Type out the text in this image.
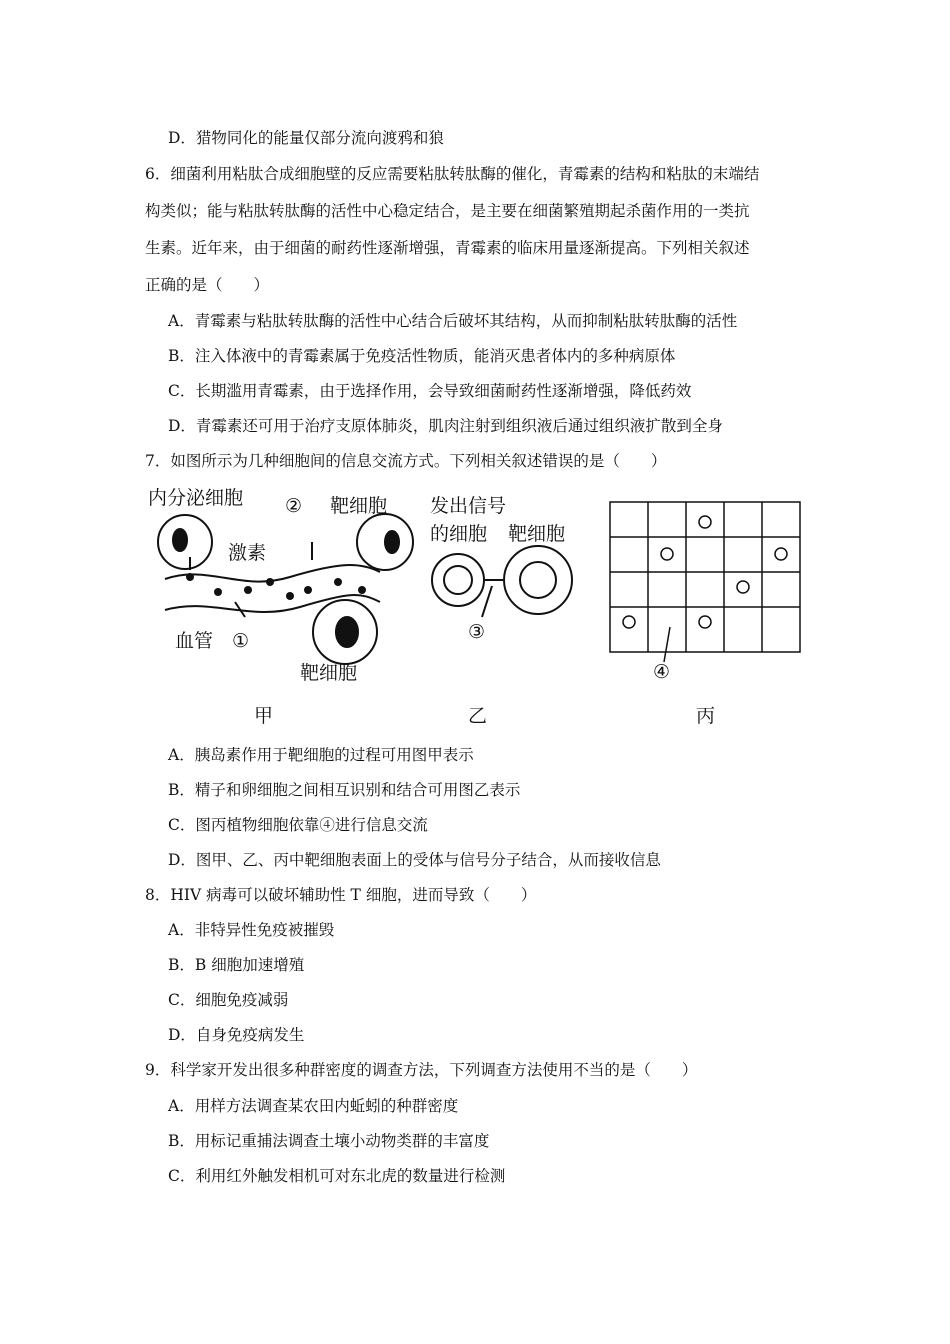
D．猎物同化的能量仅部分流向渡鸦和狼
6．细菌利用粘肽合成细胞壁的反应需要粘肽转肽酶的催化，青霉素的结构和粘肽的末端结
构类似；能与粘肽转肽酶的活性中心稳定结合，是主要在细菌繁殖期起杀菌作用的一类抗
生素。近年来，由于细菌的耐药性逐渐增强，青霉素的临床用量逐渐提高。下列相关叙述
正确的是（　　）
A．青霉素与粘肽转肽酶的活性中心结合后破坏其结构，从而抑制粘肽转肽酶的活性
B．注入体液中的青霉素属于免疫活性物质，能消灭患者体内的多种病原体
C．长期滥用青霉素，由于选择作用，会导致细菌耐药性逐渐增强，降低药效
D．青霉素还可用于治疗支原体肺炎，肌肉注射到组织液后通过组织液扩散到全身
7．如图所示为几种细胞间的信息交流方式。下列相关叙述错误的是（　　）
内分泌细胞
激素
血管 ①
② 靶细胞
靶细胞
甲
发出信号
的细胞 靶细胞
③
乙
④
丙
A．胰岛素作用于靶细胞的过程可用图甲表示
B．精子和卵细胞之间相互识别和结合可用图乙表示
C．图丙植物细胞依靠④进行信息交流
D．图甲、乙、丙中靶细胞表面上的受体与信号分子结合，从而接收信息
8．HIV 病毒可以破坏辅助性 T 细胞，进而导致（　　）
A．非特异性免疫被摧毁
B．B 细胞加速增殖
C．细胞免疫减弱
D．自身免疫病发生
9．科学家开发出很多种群密度的调查方法，下列调查方法使用不当的是（　　）
A．用样方法调查某农田内蚯蚓的种群密度
B．用标记重捕法调查土壤小动物类群的丰富度
C．利用红外触发相机可对东北虎的数量进行检测
